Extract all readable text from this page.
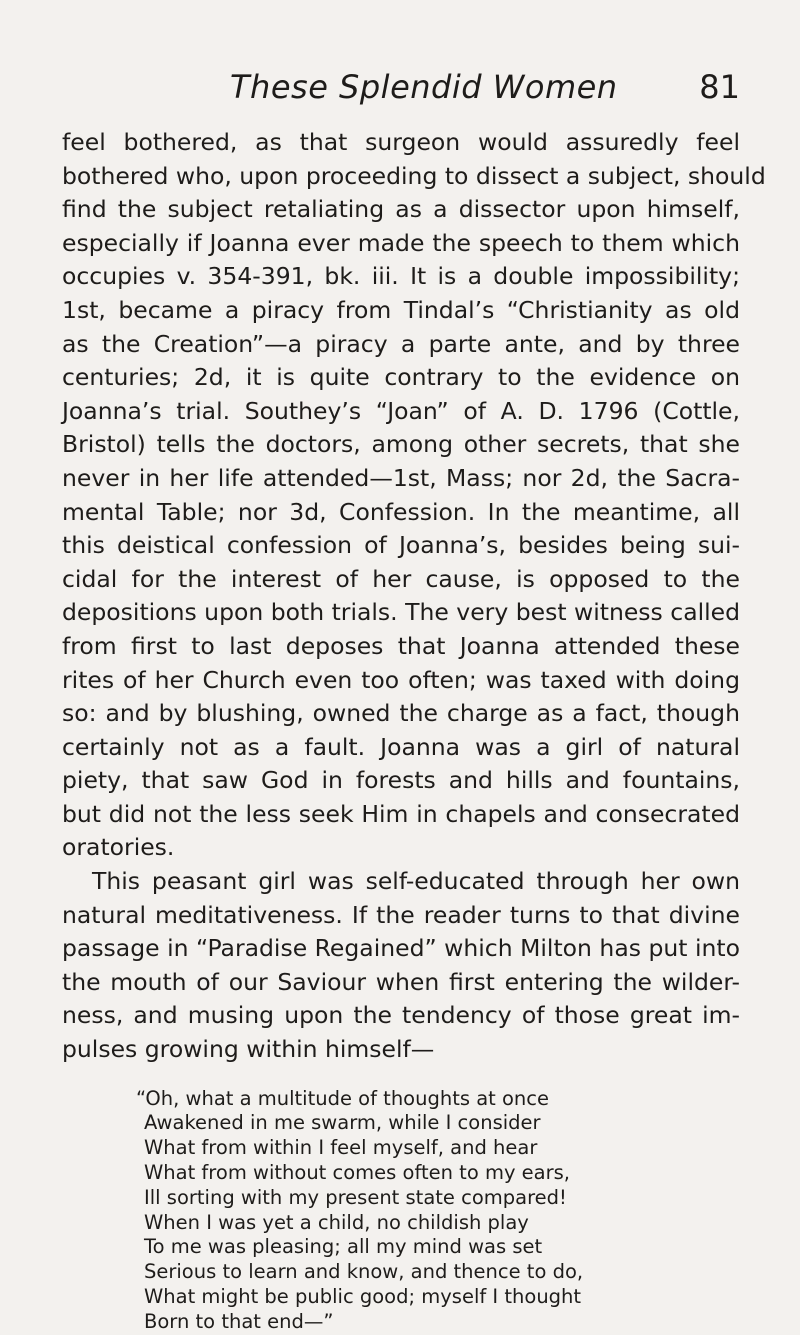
These Splendid Women	81
feel bothered, as that surgeon would assuredly feel
bothered who, upon proceeding to dissect a subject, should
find the subject retaliating as a dissector upon himself,
especially if Joanna ever made the speech to them which
occupies v. 354-391, bk. iii. It is a double impossibility;
1st, became a piracy from Tindal’s “Christianity as old
as the Creation”—a piracy a parte ante, and by three
centuries; 2d, it is quite contrary to the evidence on
Joanna’s trial. Southey’s “Joan” of A. D. 1796 (Cottle,
Bristol) tells the doctors, among other secrets, that she
never in her life attended—1st, Mass; nor 2d, the Sacra-
mental Table; nor 3d, Confession. In the meantime, all
this deistical confession of Joanna’s, besides being sui-
cidal for the interest of her cause, is opposed to the
depositions upon both trials. The very best witness called
from first to last deposes that Joanna attended these
rites of her Church even too often; was taxed with doing
so: and by blushing, owned the charge as a fact, though
certainly not as a fault. Joanna was a girl of natural
piety, that saw God in forests and hills and fountains,
but did not the less seek Him in chapels and consecrated
oratories.
This peasant girl was self-educated through her own
natural meditativeness. If the reader turns to that divine
passage in “Paradise Regained” which Milton has put into
the mouth of our Saviour when first entering the wilder-
ness, and musing upon the tendency of those great im-
pulses growing within himself—
“Oh, what a multitude of thoughts at once
Awakened in me swarm, while I consider
What from within I feel myself, and hear
What from without comes often to my ears,
Ill sorting with my present state compared!
When I was yet a child, no childish play
To me was pleasing; all my mind was set
Serious to learn and know, and thence to do,
What might be public good; myself I thought
Born to that end—”
